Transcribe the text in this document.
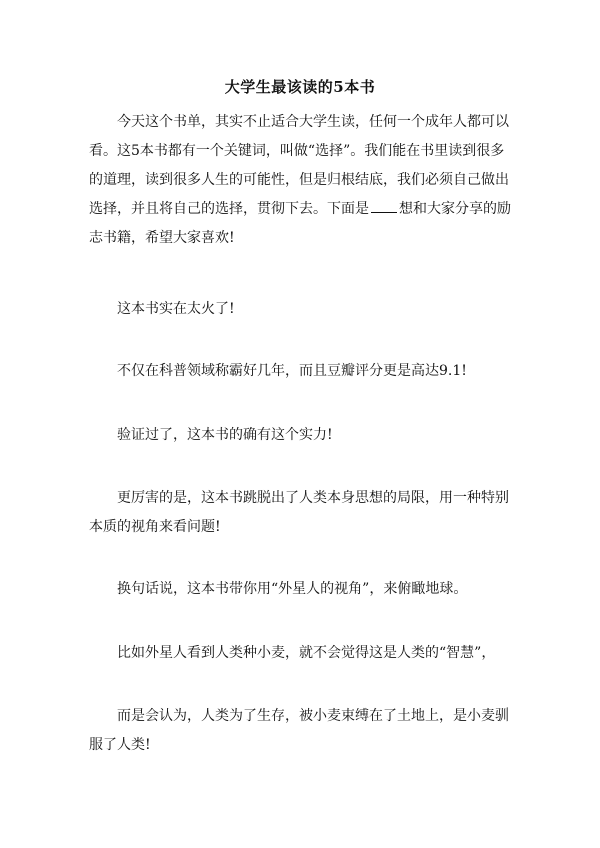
大学生最该读的5本书

今天这个书单，其实不止适合大学生读，任何一个成年人都可以看。这5本书都有一个关键词，叫做“选择”。我们能在书里读到很多的道理，读到很多人生的可能性，但是归根结底，我们必须自己做出选择，并且将自己的选择，贯彻下去。下面是 想和大家分享的励志书籍，希望大家喜欢!

这本书实在太火了!

不仅在科普领域称霸好几年，而且豆瓣评分更是高达9.1!

验证过了，这本书的确有这个实力!

更厉害的是，这本书跳脱出了人类本身思想的局限，用一种特别本质的视角来看问题!

换句话说，这本书带你用“外星人的视角”，来俯瞰地球。

比如外星人看到人类种小麦，就不会觉得这是人类的“智慧”，

而是会认为，人类为了生存，被小麦束缚在了土地上，是小麦驯服了人类!
